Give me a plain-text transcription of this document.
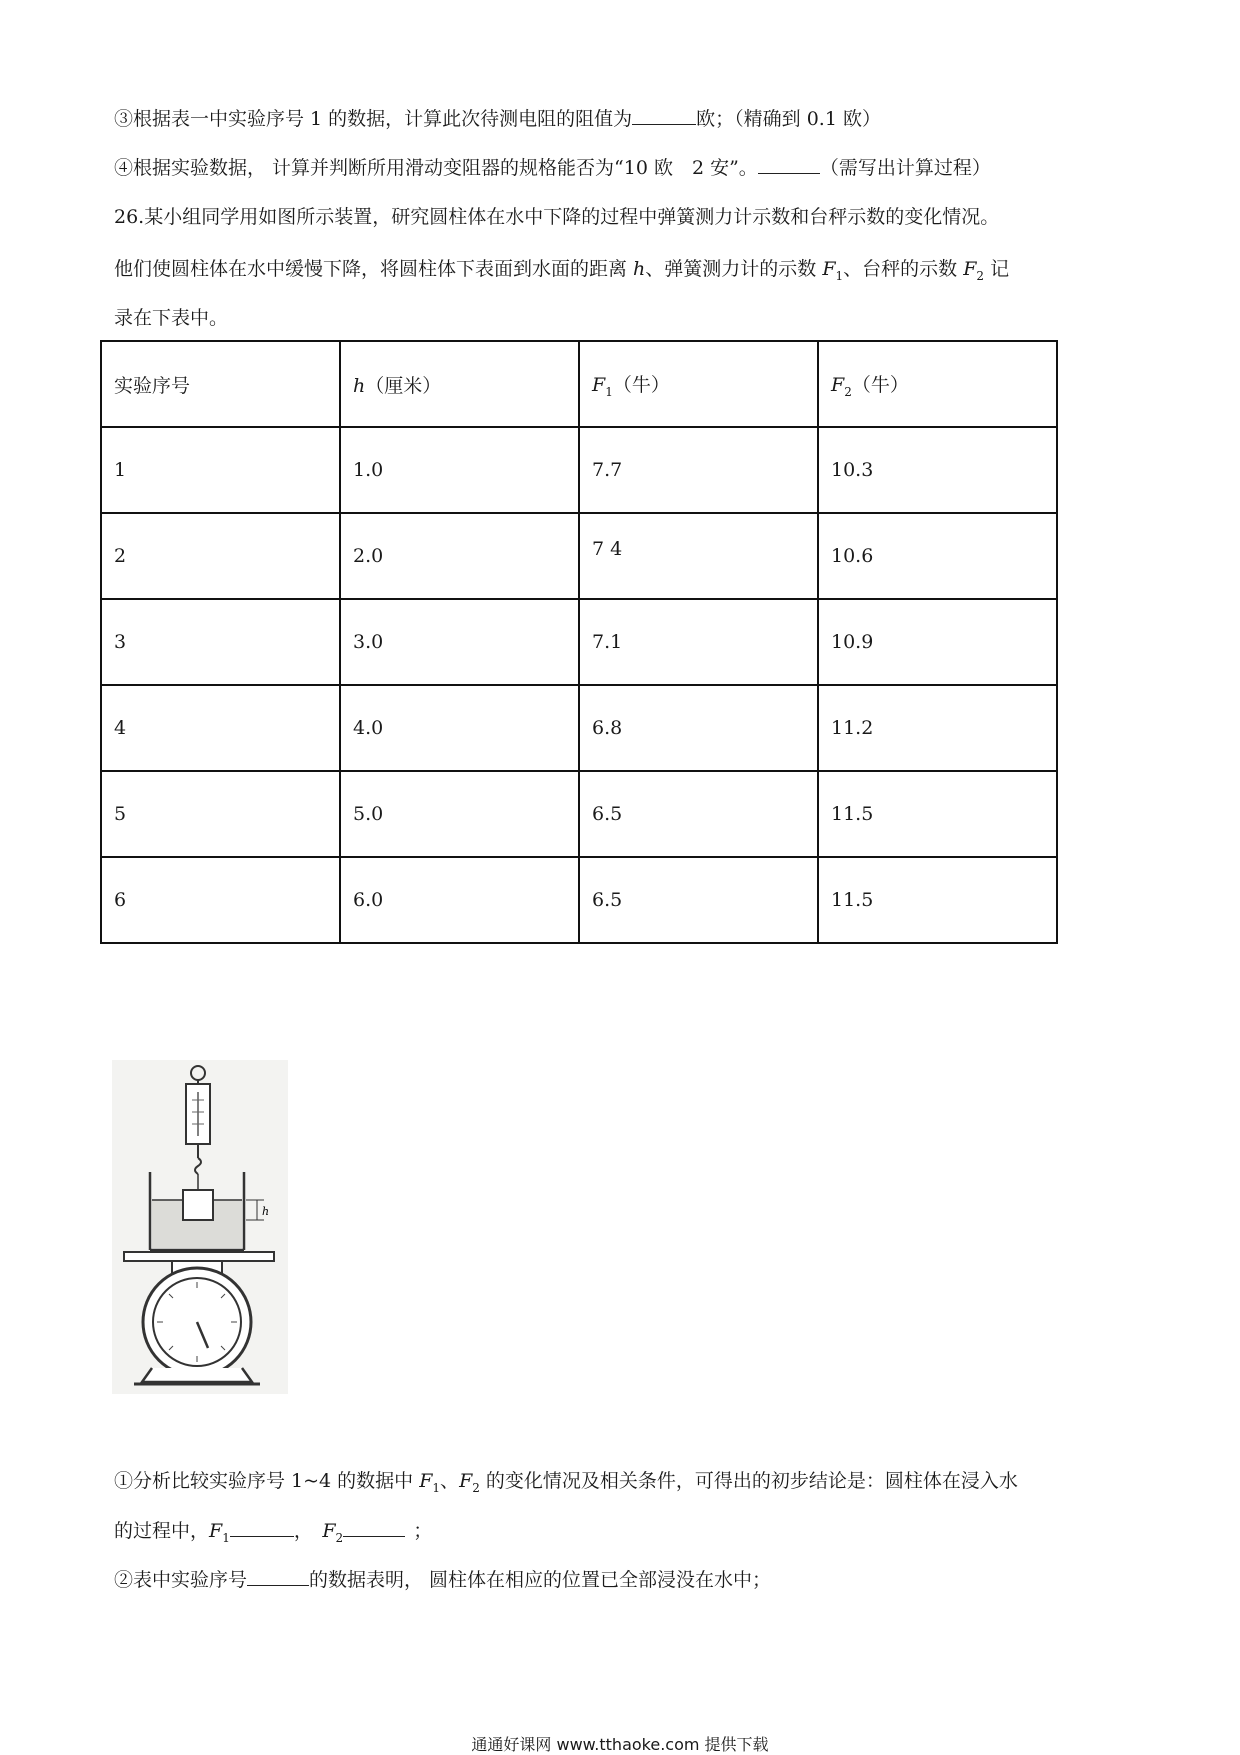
③根据表一中实验序号 1 的数据，计算此次待测电阻的阻值为	欧；（精确到 0.1 欧）
④根据实验数据， 计算并判断所用滑动变阻器的规格能否为“10 欧　2 安”。	（需写出计算过程）
26.某小组同学用如图所示装置，研究圆柱体在水中下降的过程中弹簧测力计示数和台秤示数的变化情况。
他们使圆柱体在水中缓慢下降，将圆柱体下表面到水面的距离 h、弹簧测力计的示数 $F_1$、台秤的示数 $F_2$ 记
录在下表中。
实验序号	h（厘米）	$F_1$（牛）	$F_2$（牛）
1	1.0	7.7	10.3
2	2.0	7 4	10.6
3	3.0	7.1	10.9
4	4.0	6.8	11.2
5	5.0	6.5	11.5
6	6.0	6.5	11.5
h
①分析比较实验序号 1~4 的数据中 $F_1$、$F_2$ 的变化情况及相关条件，可得出的初步结论是：圆柱体在浸入水
的过程中，$F_1$	，　$F_2$	；
②表中实验序号	的数据表明， 圆柱体在相应的位置已全部浸没在水中；
通通好课网 www.tthaoke.com 提供下载
